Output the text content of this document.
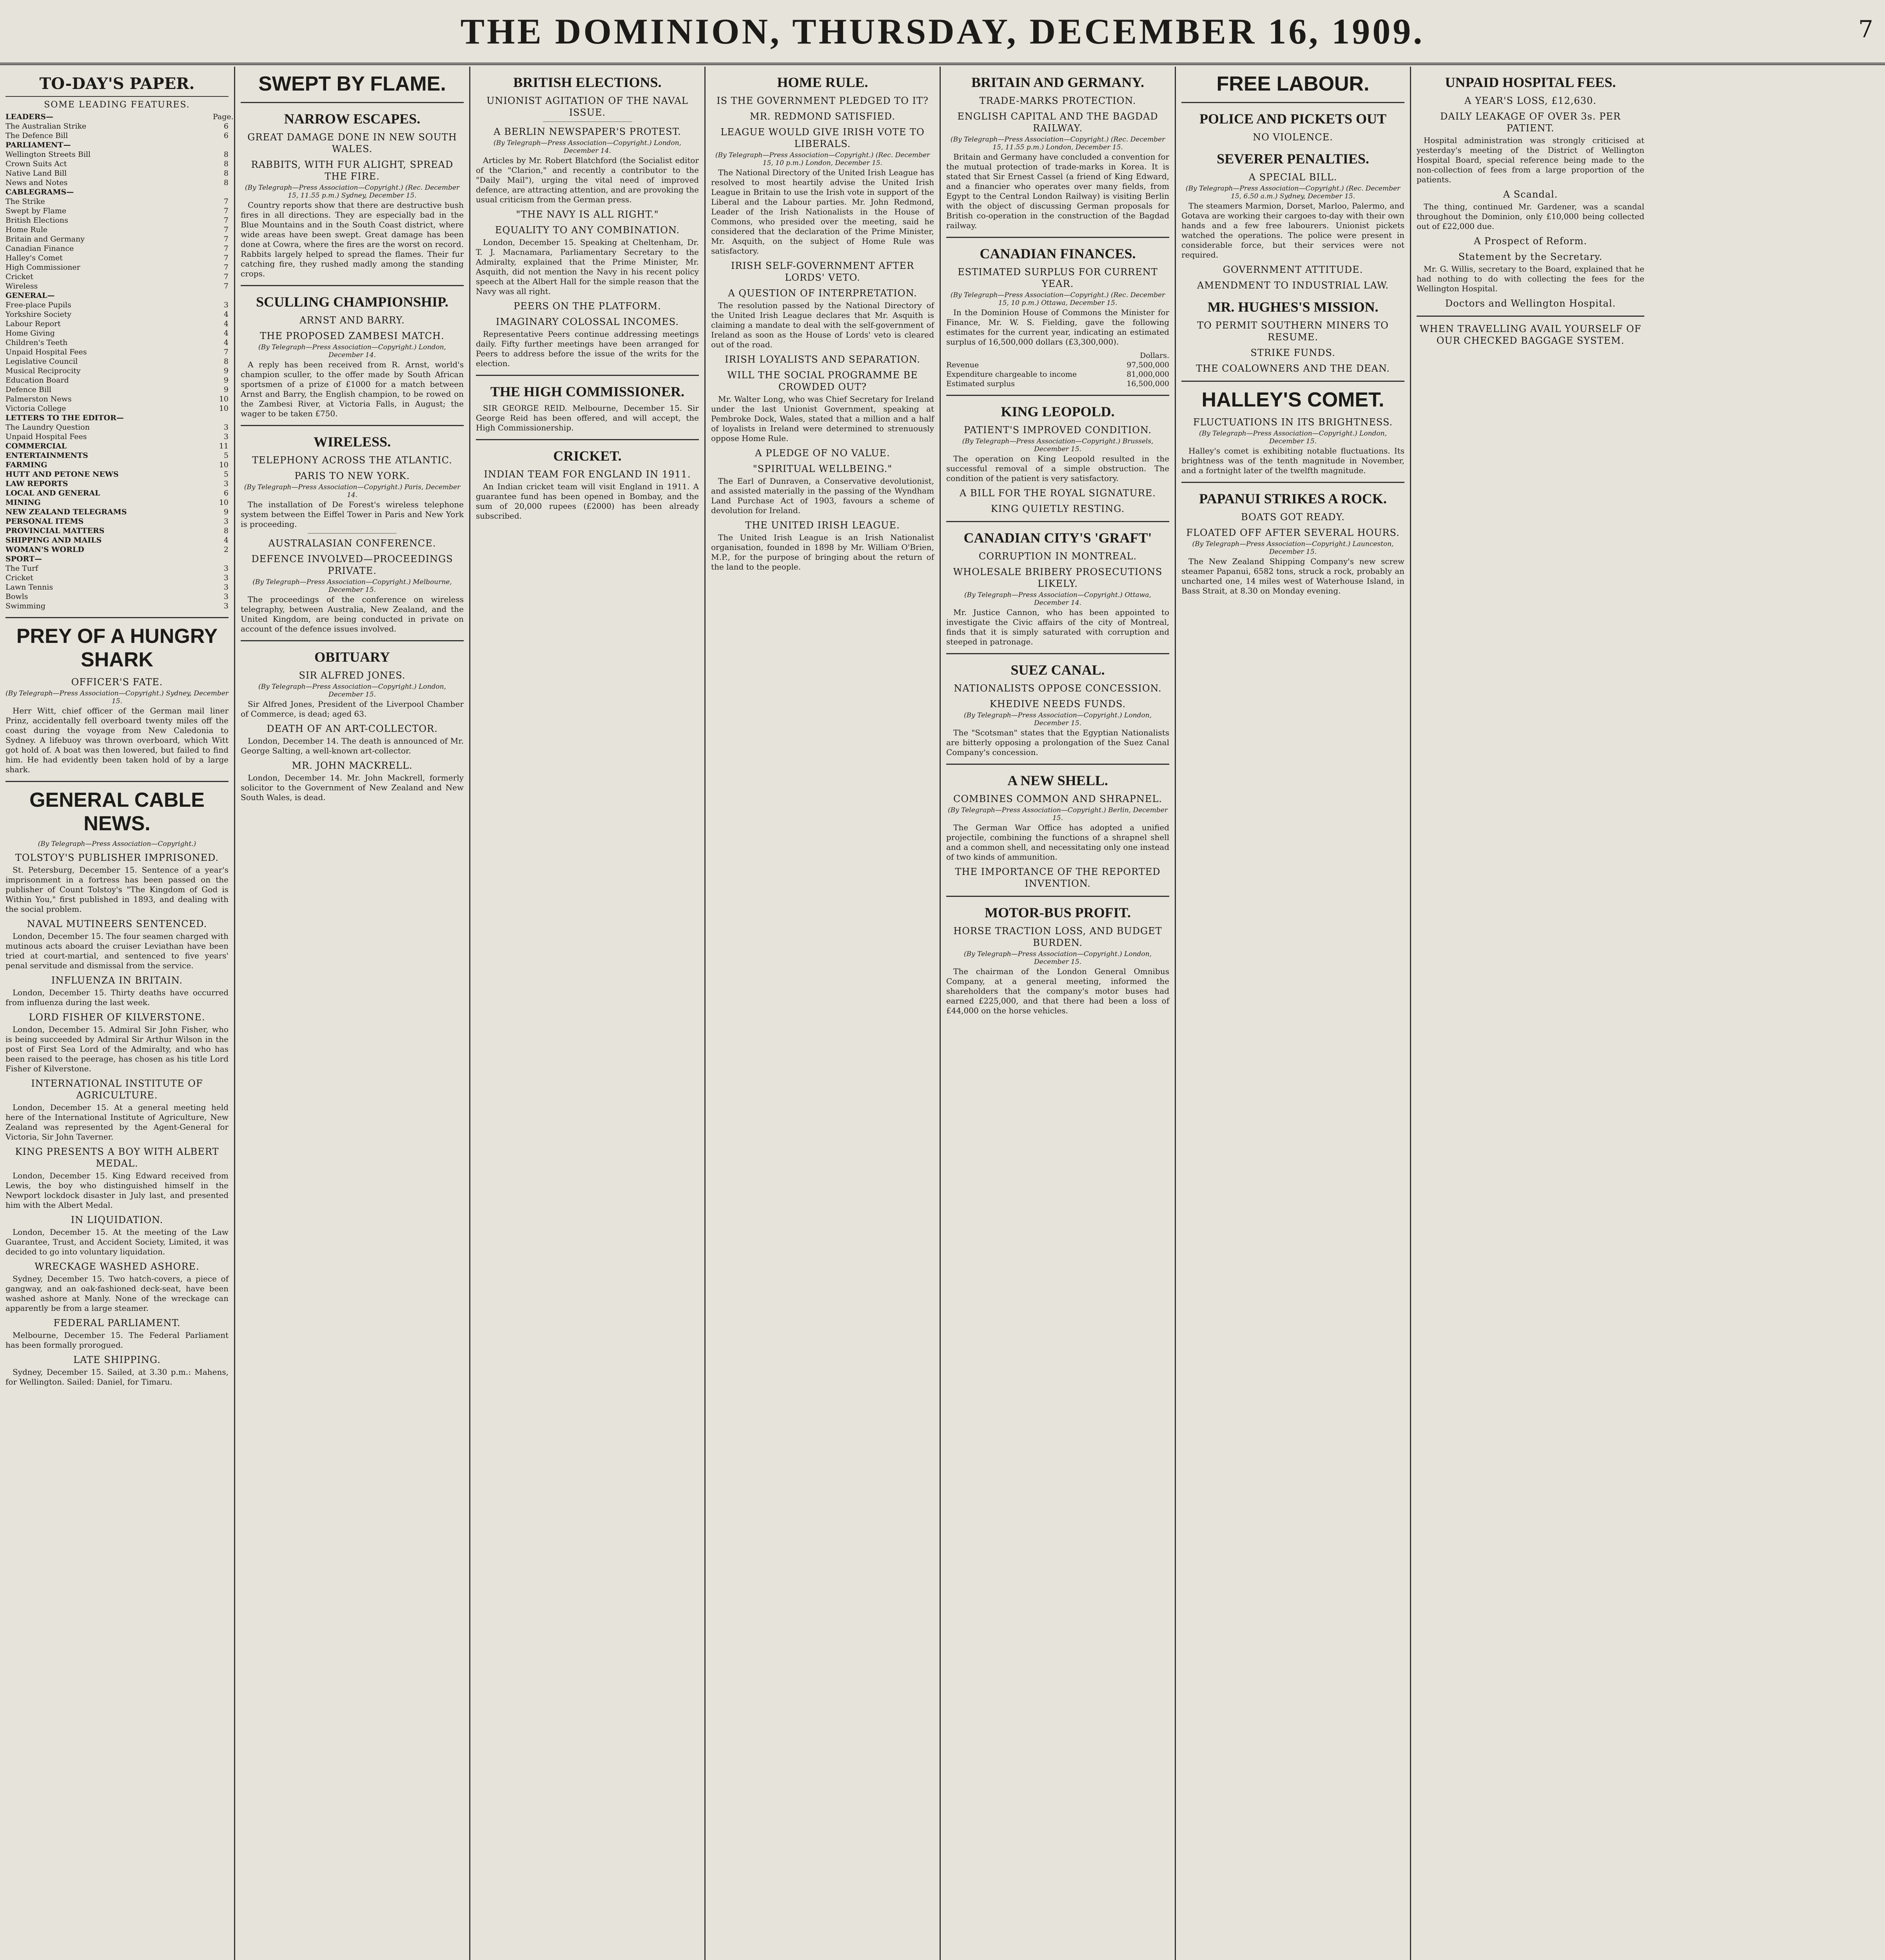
THE DOMINION, THURSDAY, DECEMBER 16, 1909.	7
TO-DAY'S PAPER.
SOME LEADING FEATURES.
LEADERS—	Page.
The Australian Strike	6
The Defence Bill	6
PARLIAMENT—
Wellington Streets Bill	8
Crown Suits Act	8
Native Land Bill	8
News and Notes	8
CABLEGRAMS—
The Strike	7
Swept by Flame	7
British Elections	7
Home Rule	7
Britain and Germany	7
Canadian Finance	7
Halley's Comet	7
High Commissioner	7
Cricket	7
Wireless	7
GENERAL—
Free-place Pupils	3
Yorkshire Society	4
Labour Report	4
Home Giving	4
Children's Teeth	4
Unpaid Hospital Fees	7
Legislative Council	8
Musical Reciprocity	9
Education Board	9
Defence Bill	9
Palmerston News	10
Victoria College	10
LETTERS TO THE EDITOR—
The Laundry Question	3
Unpaid Hospital Fees	3
COMMERCIAL	11
ENTERTAINMENTS	5
FARMING	10
HUTT AND PETONE NEWS	5
LAW REPORTS	3
LOCAL AND GENERAL	6
MINING	10
NEW ZEALAND TELEGRAMS	9
PERSONAL ITEMS	3
PROVINCIAL MATTERS	8
SHIPPING AND MAILS	4
WOMAN'S WORLD	2
SPORT—
The Turf	3
Cricket	3
Lawn Tennis	3
Bowls	3
Swimming	3
PREY OF A HUNGRY SHARK
OFFICER'S FATE.
(By Telegraph—Press Association—Copyright.) Sydney, December 15.

Herr Witt, chief officer of the German mail liner Prinz, accidentally fell overboard twenty miles off the coast during the voyage from New Caledonia to Sydney. A lifebuoy was thrown overboard, which Witt got hold of. A boat was then lowered, but failed to find him. He had evidently been taken hold of by a large shark.

GENERAL CABLE NEWS.
(By Telegraph—Press Association—Copyright.)
TOLSTOY'S PUBLISHER IMPRISONED.

St. Petersburg, December 15. Sentence of a year's imprisonment in a fortress has been passed on the publisher of Count Tolstoy's "The Kingdom of God is Within You," first published in 1893, and dealing with the social problem.

NAVAL MUTINEERS SENTENCED.

London, December 15. The four seamen charged with mutinous acts aboard the cruiser Leviathan have been tried at court-martial, and sentenced to five years' penal servitude and dismissal from the service.

INFLUENZA IN BRITAIN.

London, December 15. Thirty deaths have occurred from influenza during the last week.

LORD FISHER OF KILVERSTONE.

London, December 15. Admiral Sir John Fisher, who is being succeeded by Admiral Sir Arthur Wilson in the post of First Sea Lord of the Admiralty, and who has been raised to the peerage, has chosen as his title Lord Fisher of Kilverstone.

INTERNATIONAL INSTITUTE OF AGRICULTURE.

London, December 15. At a general meeting held here of the International Institute of Agriculture, New Zealand was represented by the Agent-General for Victoria, Sir John Taverner.

KING PRESENTS A BOY WITH ALBERT MEDAL.

London, December 15. King Edward received from Lewis, the boy who distinguished himself in the Newport lockdock disaster in July last, and presented him with the Albert Medal.

IN LIQUIDATION.

London, December 15. At the meeting of the Law Guarantee, Trust, and Accident Society, Limited, it was decided to go into voluntary liquidation.

WRECKAGE WASHED ASHORE.

Sydney, December 15. Two hatch-covers, a piece of gangway, and an oak-fashioned deck-seat, have been washed ashore at Manly. None of the wreckage can apparently be from a large steamer.

FEDERAL PARLIAMENT.

Melbourne, December 15. The Federal Parliament has been formally prorogued.

LATE SHIPPING.

Sydney, December 15. Sailed, at 3.30 p.m.: Mahens, for Wellington. Sailed: Daniel, for Timaru.

SWEPT BY FLAME.
NARROW ESCAPES.
GREAT DAMAGE DONE IN NEW SOUTH WALES.
RABBITS, WITH FUR ALIGHT, SPREAD THE FIRE.
(By Telegraph—Press Association—Copyright.) (Rec. December 15, 11.55 p.m.) Sydney, December 15.

Country reports show that there are destructive bush fires in all directions. They are especially bad in the Blue Mountains and in the South Coast district, where wide areas have been swept. Great damage has been done at Cowra, where the fires are the worst on record. Rabbits largely helped to spread the flames. Their fur catching fire, they rushed madly among the standing crops.

SCULLING CHAMPIONSHIP.
ARNST AND BARRY.
THE PROPOSED ZAMBESI MATCH.
(By Telegraph—Press Association—Copyright.) London, December 14.

A reply has been received from R. Arnst, world's champion sculler, to the offer made by South African sportsmen of a prize of £1000 for a match between Arnst and Barry, the English champion, to be rowed on the Zambesi River, at Victoria Falls, in August; the wager to be taken £750.

WIRELESS.
TELEPHONY ACROSS THE ATLANTIC.
PARIS TO NEW YORK.
(By Telegraph—Press Association—Copyright.) Paris, December 14.

The installation of De Forest's wireless telephone system between the Eiffel Tower in Paris and New York is proceeding.

AUSTRALASIAN CONFERENCE.
DEFENCE INVOLVED—PROCEEDINGS PRIVATE.
(By Telegraph—Press Association—Copyright.) Melbourne, December 15.

The proceedings of the conference on wireless telegraphy, between Australia, New Zealand, and the United Kingdom, are being conducted in private on account of the defence issues involved.

OBITUARY
SIR ALFRED JONES.
(By Telegraph—Press Association—Copyright.) London, December 15.

Sir Alfred Jones, President of the Liverpool Chamber of Commerce, is dead; aged 63.

DEATH OF AN ART-COLLECTOR.

London, December 14. The death is announced of Mr. George Salting, a well-known art-collector.

MR. JOHN MACKRELL.

London, December 14. Mr. John Mackrell, formerly solicitor to the Government of New Zealand and New South Wales, is dead.

BRITISH ELECTIONS.
UNIONIST AGITATION OF THE NAVAL ISSUE.
A BERLIN NEWSPAPER'S PROTEST.
(By Telegraph—Press Association—Copyright.) London, December 14.

Articles by Mr. Robert Blatchford (the Socialist editor of the "Clarion," and recently a contributor to the "Daily Mail"), urging the vital need of improved defence, are attracting attention, and are provoking the usual criticism from the German press.

"THE NAVY IS ALL RIGHT."
EQUALITY TO ANY COMBINATION.

London, December 15. Speaking at Cheltenham, Dr. T. J. Macnamara, Parliamentary Secretary to the Admiralty, explained that the Prime Minister, Mr. Asquith, did not mention the Navy in his recent policy speech at the Albert Hall for the simple reason that the Navy was all right.

PEERS ON THE PLATFORM.
IMAGINARY COLOSSAL INCOMES.

Representative Peers continue addressing meetings daily. Fifty further meetings have been arranged for Peers to address before the issue of the writs for the election.

THE HIGH COMMISSIONER.

SIR GEORGE REID. Melbourne, December 15. Sir George Reid has been offered, and will accept, the High Commissionership.

CRICKET.
INDIAN TEAM FOR ENGLAND IN 1911.

An Indian cricket team will visit England in 1911. A guarantee fund has been opened in Bombay, and the sum of 20,000 rupees (£2000) has been already subscribed.

HOME RULE.
IS THE GOVERNMENT PLEDGED TO IT?
MR. REDMOND SATISFIED.
LEAGUE WOULD GIVE IRISH VOTE TO LIBERALS.
(By Telegraph—Press Association—Copyright.) (Rec. December 15, 10 p.m.) London, December 15.

The National Directory of the United Irish League has resolved to most heartily advise the United Irish League in Britain to use the Irish vote in support of the Liberal and the Labour parties. Mr. John Redmond, Leader of the Irish Nationalists in the House of Commons, who presided over the meeting, said he considered that the declaration of the Prime Minister, Mr. Asquith, on the subject of Home Rule was satisfactory.

IRISH SELF-GOVERNMENT AFTER LORDS' VETO.
A QUESTION OF INTERPRETATION.

The resolution passed by the National Directory of the United Irish League declares that Mr. Asquith is claiming a mandate to deal with the self-government of Ireland as soon as the House of Lords' veto is cleared out of the road.

IRISH LOYALISTS AND SEPARATION.
WILL THE SOCIAL PROGRAMME BE CROWDED OUT?

Mr. Walter Long, who was Chief Secretary for Ireland under the last Unionist Government, speaking at Pembroke Dock, Wales, stated that a million and a half of loyalists in Ireland were determined to strenuously oppose Home Rule.

A PLEDGE OF NO VALUE.
"SPIRITUAL WELLBEING."

The Earl of Dunraven, a Conservative devolutionist, and assisted materially in the passing of the Wyndham Land Purchase Act of 1903, favours a scheme of devolution for Ireland.

THE UNITED IRISH LEAGUE.

The United Irish League is an Irish Nationalist organisation, founded in 1898 by Mr. William O'Brien, M.P., for the purpose of bringing about the return of the land to the people.

BRITAIN AND GERMANY.
TRADE-MARKS PROTECTION.
ENGLISH CAPITAL AND THE BAGDAD RAILWAY.
(By Telegraph—Press Association—Copyright.) (Rec. December 15, 11.55 p.m.) London, December 15.

Britain and Germany have concluded a convention for the mutual protection of trade-marks in Korea. It is stated that Sir Ernest Cassel (a friend of King Edward, and a financier who operates over many fields, from Egypt to the Central London Railway) is visiting Berlin with the object of discussing German proposals for British co-operation in the construction of the Bagdad railway.

CANADIAN FINANCES.
ESTIMATED SURPLUS FOR CURRENT YEAR.
(By Telegraph—Press Association—Copyright.) (Rec. December 15, 10 p.m.) Ottawa, December 15.

In the Dominion House of Commons the Minister for Finance, Mr. W. S. Fielding, gave the following estimates for the current year, indicating an estimated surplus of 16,500,000 dollars (£3,300,000).

Dollars.
Revenue	97,500,000
Expenditure chargeable to income	81,000,000
Estimated surplus	16,500,000
KING LEOPOLD.
PATIENT'S IMPROVED CONDITION.
(By Telegraph—Press Association—Copyright.) Brussels, December 15.

The operation on King Leopold resulted in the successful removal of a simple obstruction. The condition of the patient is very satisfactory.

A BILL FOR THE ROYAL SIGNATURE.
KING QUIETLY RESTING.
CANADIAN CITY'S 'GRAFT'
CORRUPTION IN MONTREAL.
WHOLESALE BRIBERY PROSECUTIONS LIKELY.
(By Telegraph—Press Association—Copyright.) Ottawa, December 14.

Mr. Justice Cannon, who has been appointed to investigate the Civic affairs of the city of Montreal, finds that it is simply saturated with corruption and steeped in patronage.

SUEZ CANAL.
NATIONALISTS OPPOSE CONCESSION.
KHEDIVE NEEDS FUNDS.
(By Telegraph—Press Association—Copyright.) London, December 15.

The "Scotsman" states that the Egyptian Nationalists are bitterly opposing a prolongation of the Suez Canal Company's concession.

A NEW SHELL.
COMBINES COMMON AND SHRAPNEL.
(By Telegraph—Press Association—Copyright.) Berlin, December 15.

The German War Office has adopted a unified projectile, combining the functions of a shrapnel shell and a common shell, and necessitating only one instead of two kinds of ammunition.

THE IMPORTANCE OF THE REPORTED INVENTION.
MOTOR-BUS PROFIT.
HORSE TRACTION LOSS, AND BUDGET BURDEN.
(By Telegraph—Press Association—Copyright.) London, December 15.

The chairman of the London General Omnibus Company, at a general meeting, informed the shareholders that the company's motor buses had earned £225,000, and that there had been a loss of £44,000 on the horse vehicles.

FREE LABOUR.
POLICE AND PICKETS OUT
NO VIOLENCE.
SEVERER PENALTIES.
A SPECIAL BILL.
(By Telegraph—Press Association—Copyright.) (Rec. December 15, 6.50 a.m.) Sydney, December 15.

The steamers Marmion, Dorset, Marloo, Palermo, and Gotava are working their cargoes to-day with their own hands and a few free labourers. Unionist pickets watched the operations. The police were present in considerable force, but their services were not required.

GOVERNMENT ATTITUDE.
AMENDMENT TO INDUSTRIAL LAW.
MR. HUGHES'S MISSION.
TO PERMIT SOUTHERN MINERS TO RESUME.
STRIKE FUNDS.
THE COALOWNERS AND THE DEAN.
HALLEY'S COMET.
FLUCTUATIONS IN ITS BRIGHTNESS.
(By Telegraph—Press Association—Copyright.) London, December 15.

Halley's comet is exhibiting notable fluctuations. Its brightness was of the tenth magnitude in November, and a fortnight later of the twelfth magnitude.

PAPANUI STRIKES A ROCK.
BOATS GOT READY.
FLOATED OFF AFTER SEVERAL HOURS.
(By Telegraph—Press Association—Copyright.) Launceston, December 15.

The New Zealand Shipping Company's new screw steamer Papanui, 6582 tons, struck a rock, probably an uncharted one, 14 miles west of Waterhouse Island, in Bass Strait, at 8.30 on Monday evening.

UNPAID HOSPITAL FEES.
A YEAR'S LOSS, £12,630.
DAILY LEAKAGE OF OVER 3s. PER PATIENT.

Hospital administration was strongly criticised at yesterday's meeting of the District of Wellington Hospital Board, special reference being made to the non-collection of fees from a large proportion of the patients.

A Scandal.

The thing, continued Mr. Gardener, was a scandal throughout the Dominion, only £10,000 being collected out of £22,000 due.

A Prospect of Reform.
Statement by the Secretary.

Mr. G. Willis, secretary to the Board, explained that he had nothing to do with collecting the fees for the Wellington Hospital.

Doctors and Wellington Hospital.
WHEN TRAVELLING AVAIL YOURSELF OF OUR CHECKED BAGGAGE SYSTEM.
